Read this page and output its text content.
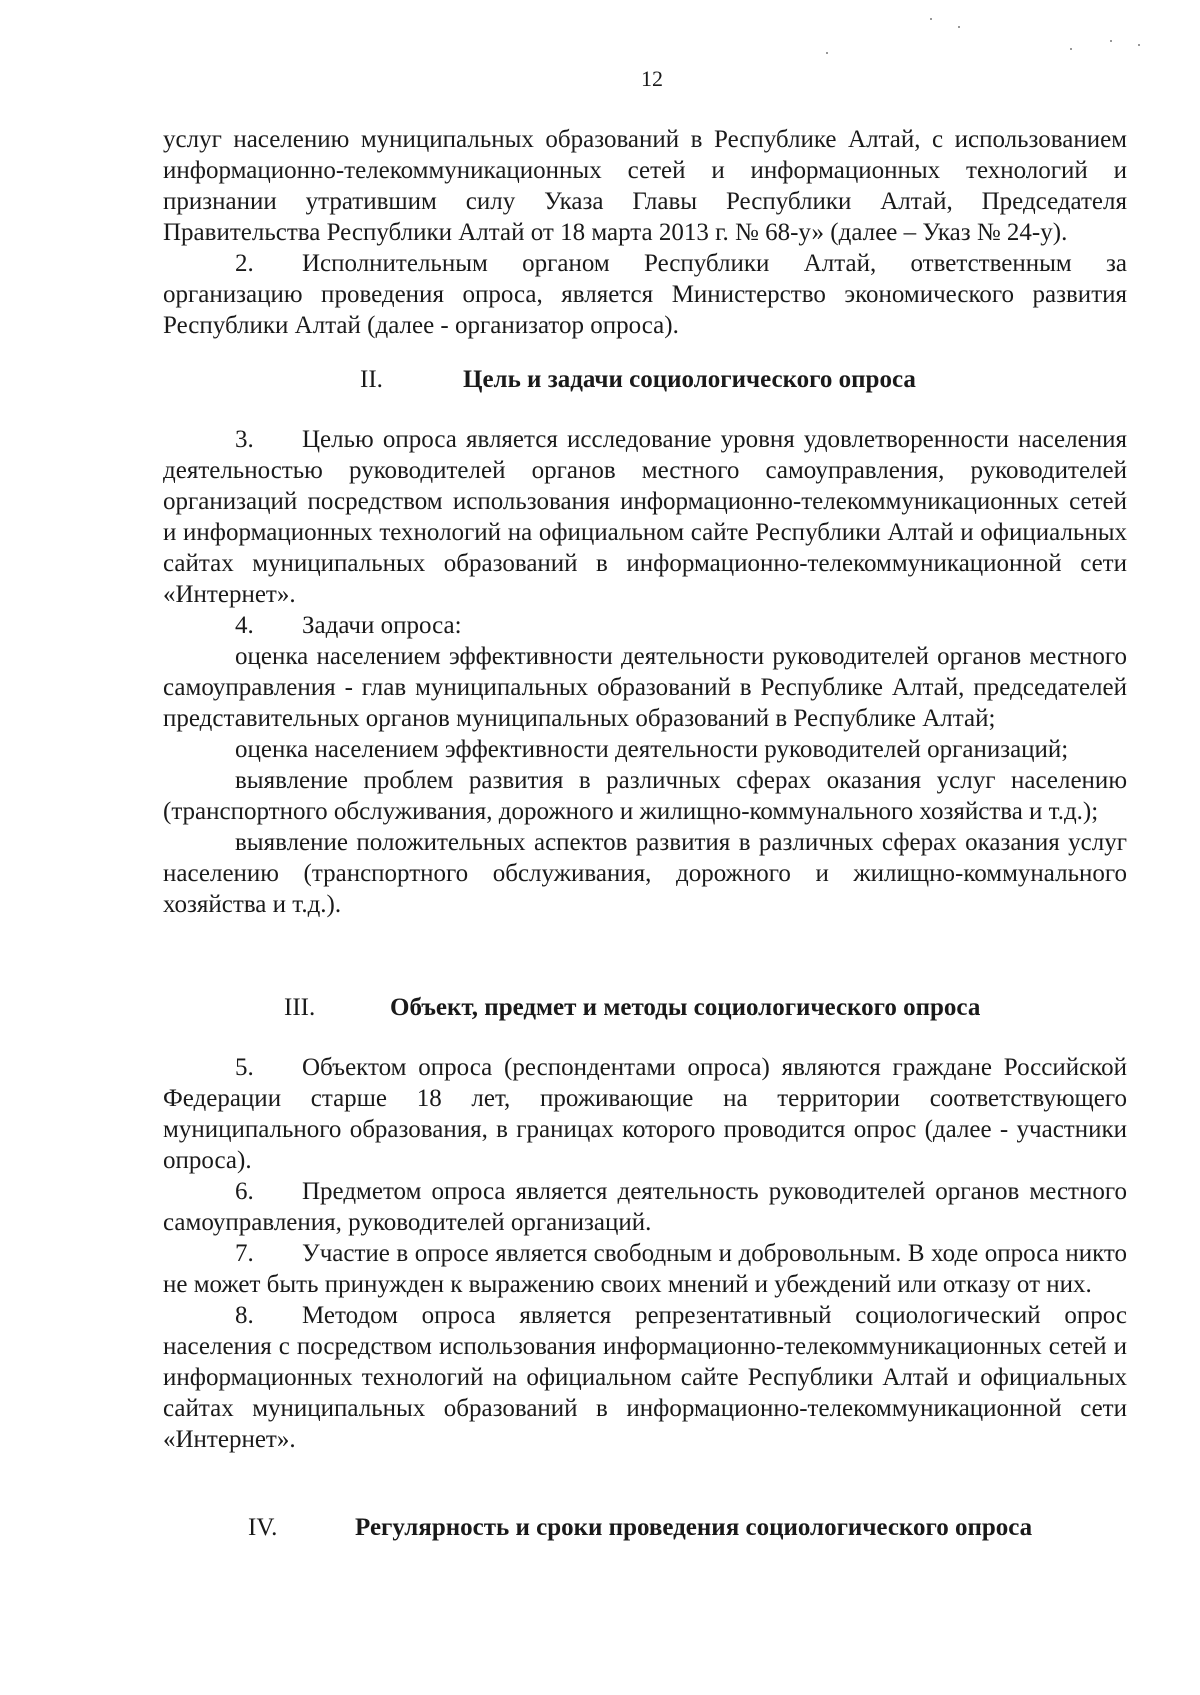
12

услуг населению муниципальных образований в Республике Алтай, с использованием информационно-телекоммуникационных сетей и информационных технологий и признании утратившим силу Указа Главы Республики Алтай, Председателя Правительства Республики Алтай от 18 марта 2013 г. № 68-у» (далее – Указ № 24-у).

2. Исполнительным органом Республики Алтай, ответственным за организацию проведения опроса, является Министерство экономического развития Республики Алтай (далее - организатор опроса).

II.	Цель и задачи социологического опроса

3. Целью опроса является исследование уровня удовлетворенности населения деятельностью руководителей органов местного самоуправления, руководителей организаций посредством использования информационно-телекоммуникационных сетей и информационных технологий на официальном сайте Республики Алтай и официальных сайтах муниципальных образований в информационно-телекоммуникационной сети «Интернет».

4. Задачи опроса:

оценка населением эффективности деятельности руководителей органов местного самоуправления - глав муниципальных образований в Республике Алтай, председателей представительных органов муниципальных образований в Республике Алтай;

оценка населением эффективности деятельности руководителей организаций;

выявление проблем развития в различных сферах оказания услуг населению (транспортного обслуживания, дорожного и жилищно-коммунального хозяйства и т.д.);

выявление положительных аспектов развития в различных сферах оказания услуг населению (транспортного обслуживания, дорожного и жилищно-коммунального хозяйства и т.д.).

III.	Объект, предмет и методы социологического опроса

5. Объектом опроса (респондентами опроса) являются граждане Российской Федерации старше 18 лет, проживающие на территории соответствующего муниципального образования, в границах которого проводится опрос (далее - участники опроса).

6. Предметом опроса является деятельность руководителей органов местного самоуправления, руководителей организаций.

7. Участие в опросе является свободным и добровольным. В ходе опроса никто не может быть принужден к выражению своих мнений и убеждений или отказу от них.

8. Методом опроса является репрезентативный социологический опрос населения с посредством использования информационно-телекоммуникационных сетей и информационных технологий на официальном сайте Республики Алтай и официальных сайтах муниципальных образований в информационно-телекоммуникационной сети «Интернет».

IV.	Регулярность и сроки проведения социологического опроса
